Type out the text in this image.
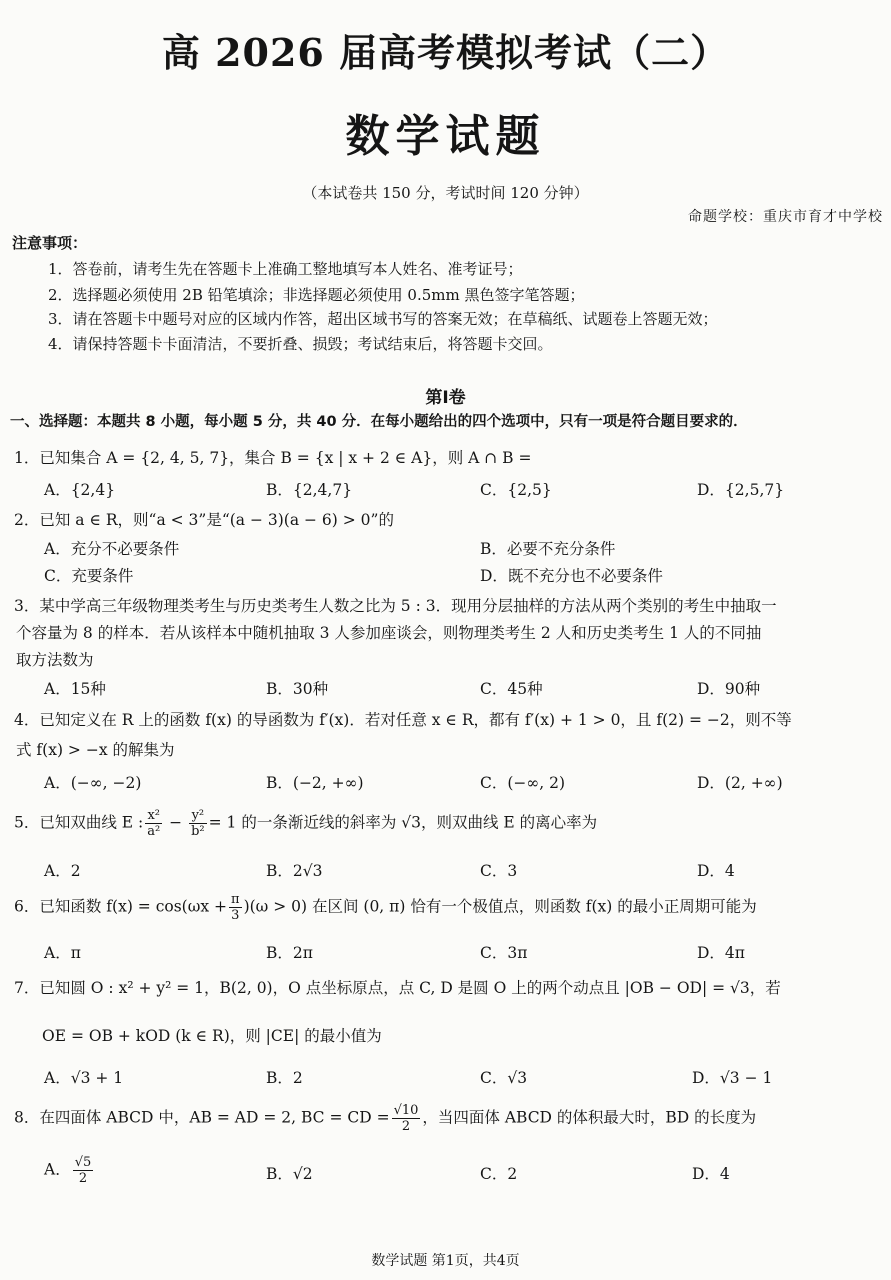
高 2026 届高考模拟考试（二）
数学试题
（本试卷共 150 分，考试时间 120 分钟）
命题学校：重庆市育才中学校
注意事项：
1．答卷前，请考生先在答题卡上准确工整地填写本人姓名、准考证号；
2．选择题必须使用 2B 铅笔填涂；非选择题必须使用 0.5mm 黑色签字笔答题；
3．请在答题卡中题号对应的区域内作答，超出区域书写的答案无效；在草稿纸、试题卷上答题无效；
4．请保持答题卡卡面清洁，不要折叠、损毁；考试结束后，将答题卡交回。
第Ⅰ卷
一、选择题：本题共 8 小题，每小题 5 分，共 40 分．在每小题给出的四个选项中，只有一项是符合题目要求的．
1．已知集合 A = {2, 4, 5, 7}，集合 B = {x | x + 2 ∈ A}，则 A ∩ B =
A．{2,4}	B．{2,4,7}	C．{2,5}	D．{2,5,7}
2．已知 a ∈ R，则“a < 3”是“(a − 3)(a − 6) > 0”的
A．充分不必要条件	B．必要不充分条件
C．充要条件	D．既不充分也不必要条件
3．某中学高三年级物理类考生与历史类考生人数之比为 5 : 3．现用分层抽样的方法从两个类别的考生中抽取一
个容量为 8 的样本．若从该样本中随机抽取 3 人参加座谈会，则物理类考生 2 人和历史类考生 1 人的不同抽
取方法数为
A．15种	B．30种	C．45种	D．90种
4．已知定义在 R 上的函数 f(x) 的导函数为 f′(x)．若对任意 x ∈ R，都有 f′(x) + 1 > 0，且 f(2) = −2，则不等
式 f(x) > −x 的解集为
A．(−∞, −2)	B．(−2, +∞)	C．(−∞, 2)	D．(2, +∞)
5．已知双曲线 E : $\frac{\text{x²}}{\text{a²}} - \frac{\text{y²}}{\text{b²}} = 1$ 的一条渐近线的斜率为 √3，则双曲线 E 的离心率为
A．2	B．2√3	C．3	D．4
6．已知函数 $f(x) = \cos(\omega x + \frac{\pi}{3} )(\omega > 0)$ 在区间 (0, π) 恰有一个极值点，则函数 f(x) 的最小正周期可能为
A．π	B．2π	C．3π	D．4π
7．已知圆 O : x² + y² = 1，B(2, 0)，O 点坐标原点，点 C, D 是圆 O 上的两个动点且 |OB − OD| = √3，若
OE = OB + kOD (k ∈ R)，则 |CE| 的最小值为
A．√3 + 1	B．2	C．√3	D．√3 − 1
8．在四面体 ABCD 中，AB = AD = 2, BC = CD = $\frac{√10}{2}$ ，当四面体 ABCD 的体积最大时，BD 的长度为
A． $\frac{√5}{2}$	B．√2	C．2	D．4
数学试题 第1页，共4页
